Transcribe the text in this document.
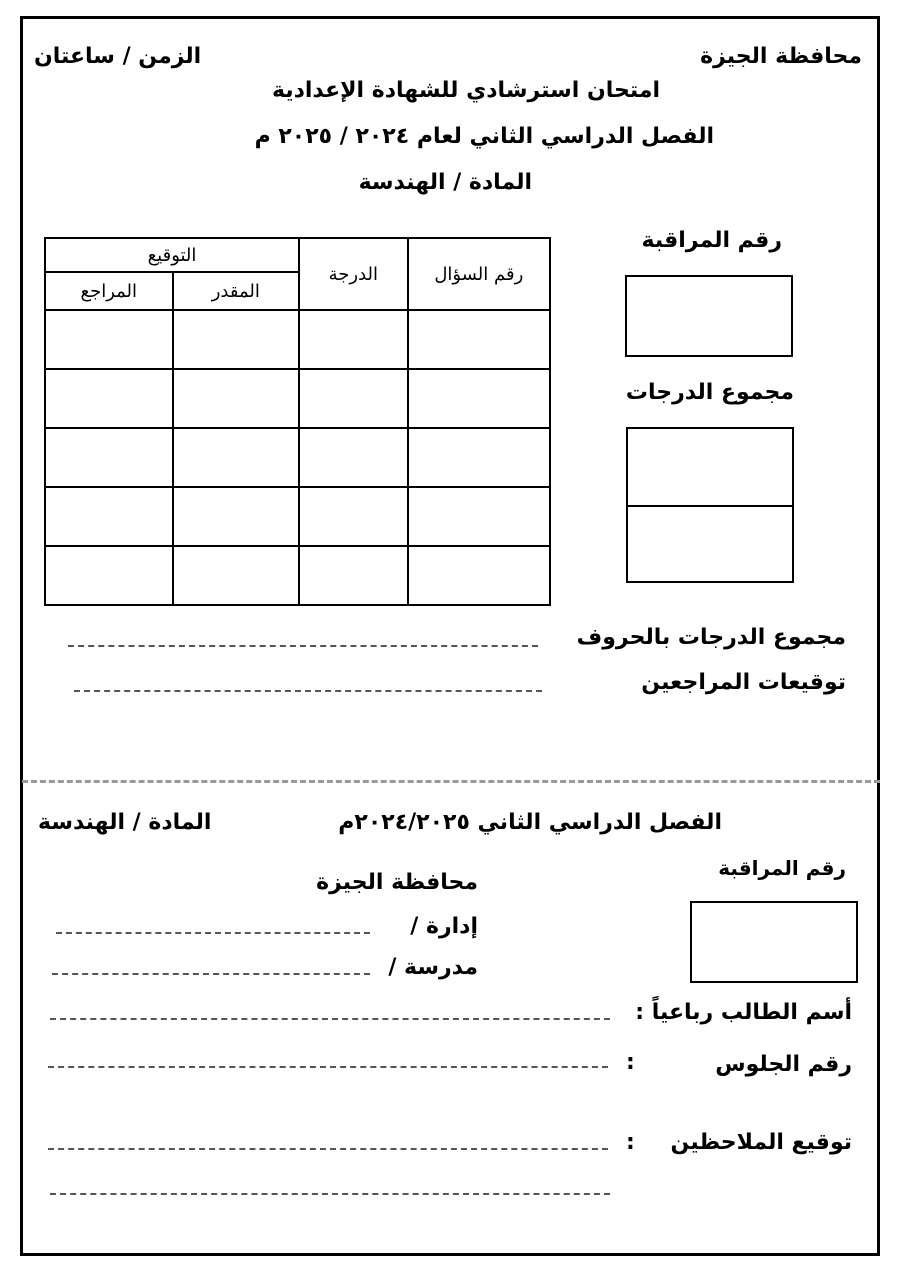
محافظة الجيزة
الزمن / ساعتان
امتحان استرشادي للشهادة الإعدادية
الفصل الدراسي الثاني لعام ٢٠٢٤ / ٢٠٢٥ م
المادة / الهندسة
رقم المراقبة
مجموع الدرجات
رقم السؤال	الدرجة	التوقيع	
		المقدر	المراجع

مجموع الدرجات بالحروف
توقيعات المراجعين
الفصل الدراسي الثاني ٢٠٢٤/٢٠٢٥م
المادة / الهندسة
رقم المراقبة
محافظة الجيزة
إدارة /
مدرسة /
أسم الطالب رباعياً :
رقم الجلوس
:
توقيع الملاحظين
:
